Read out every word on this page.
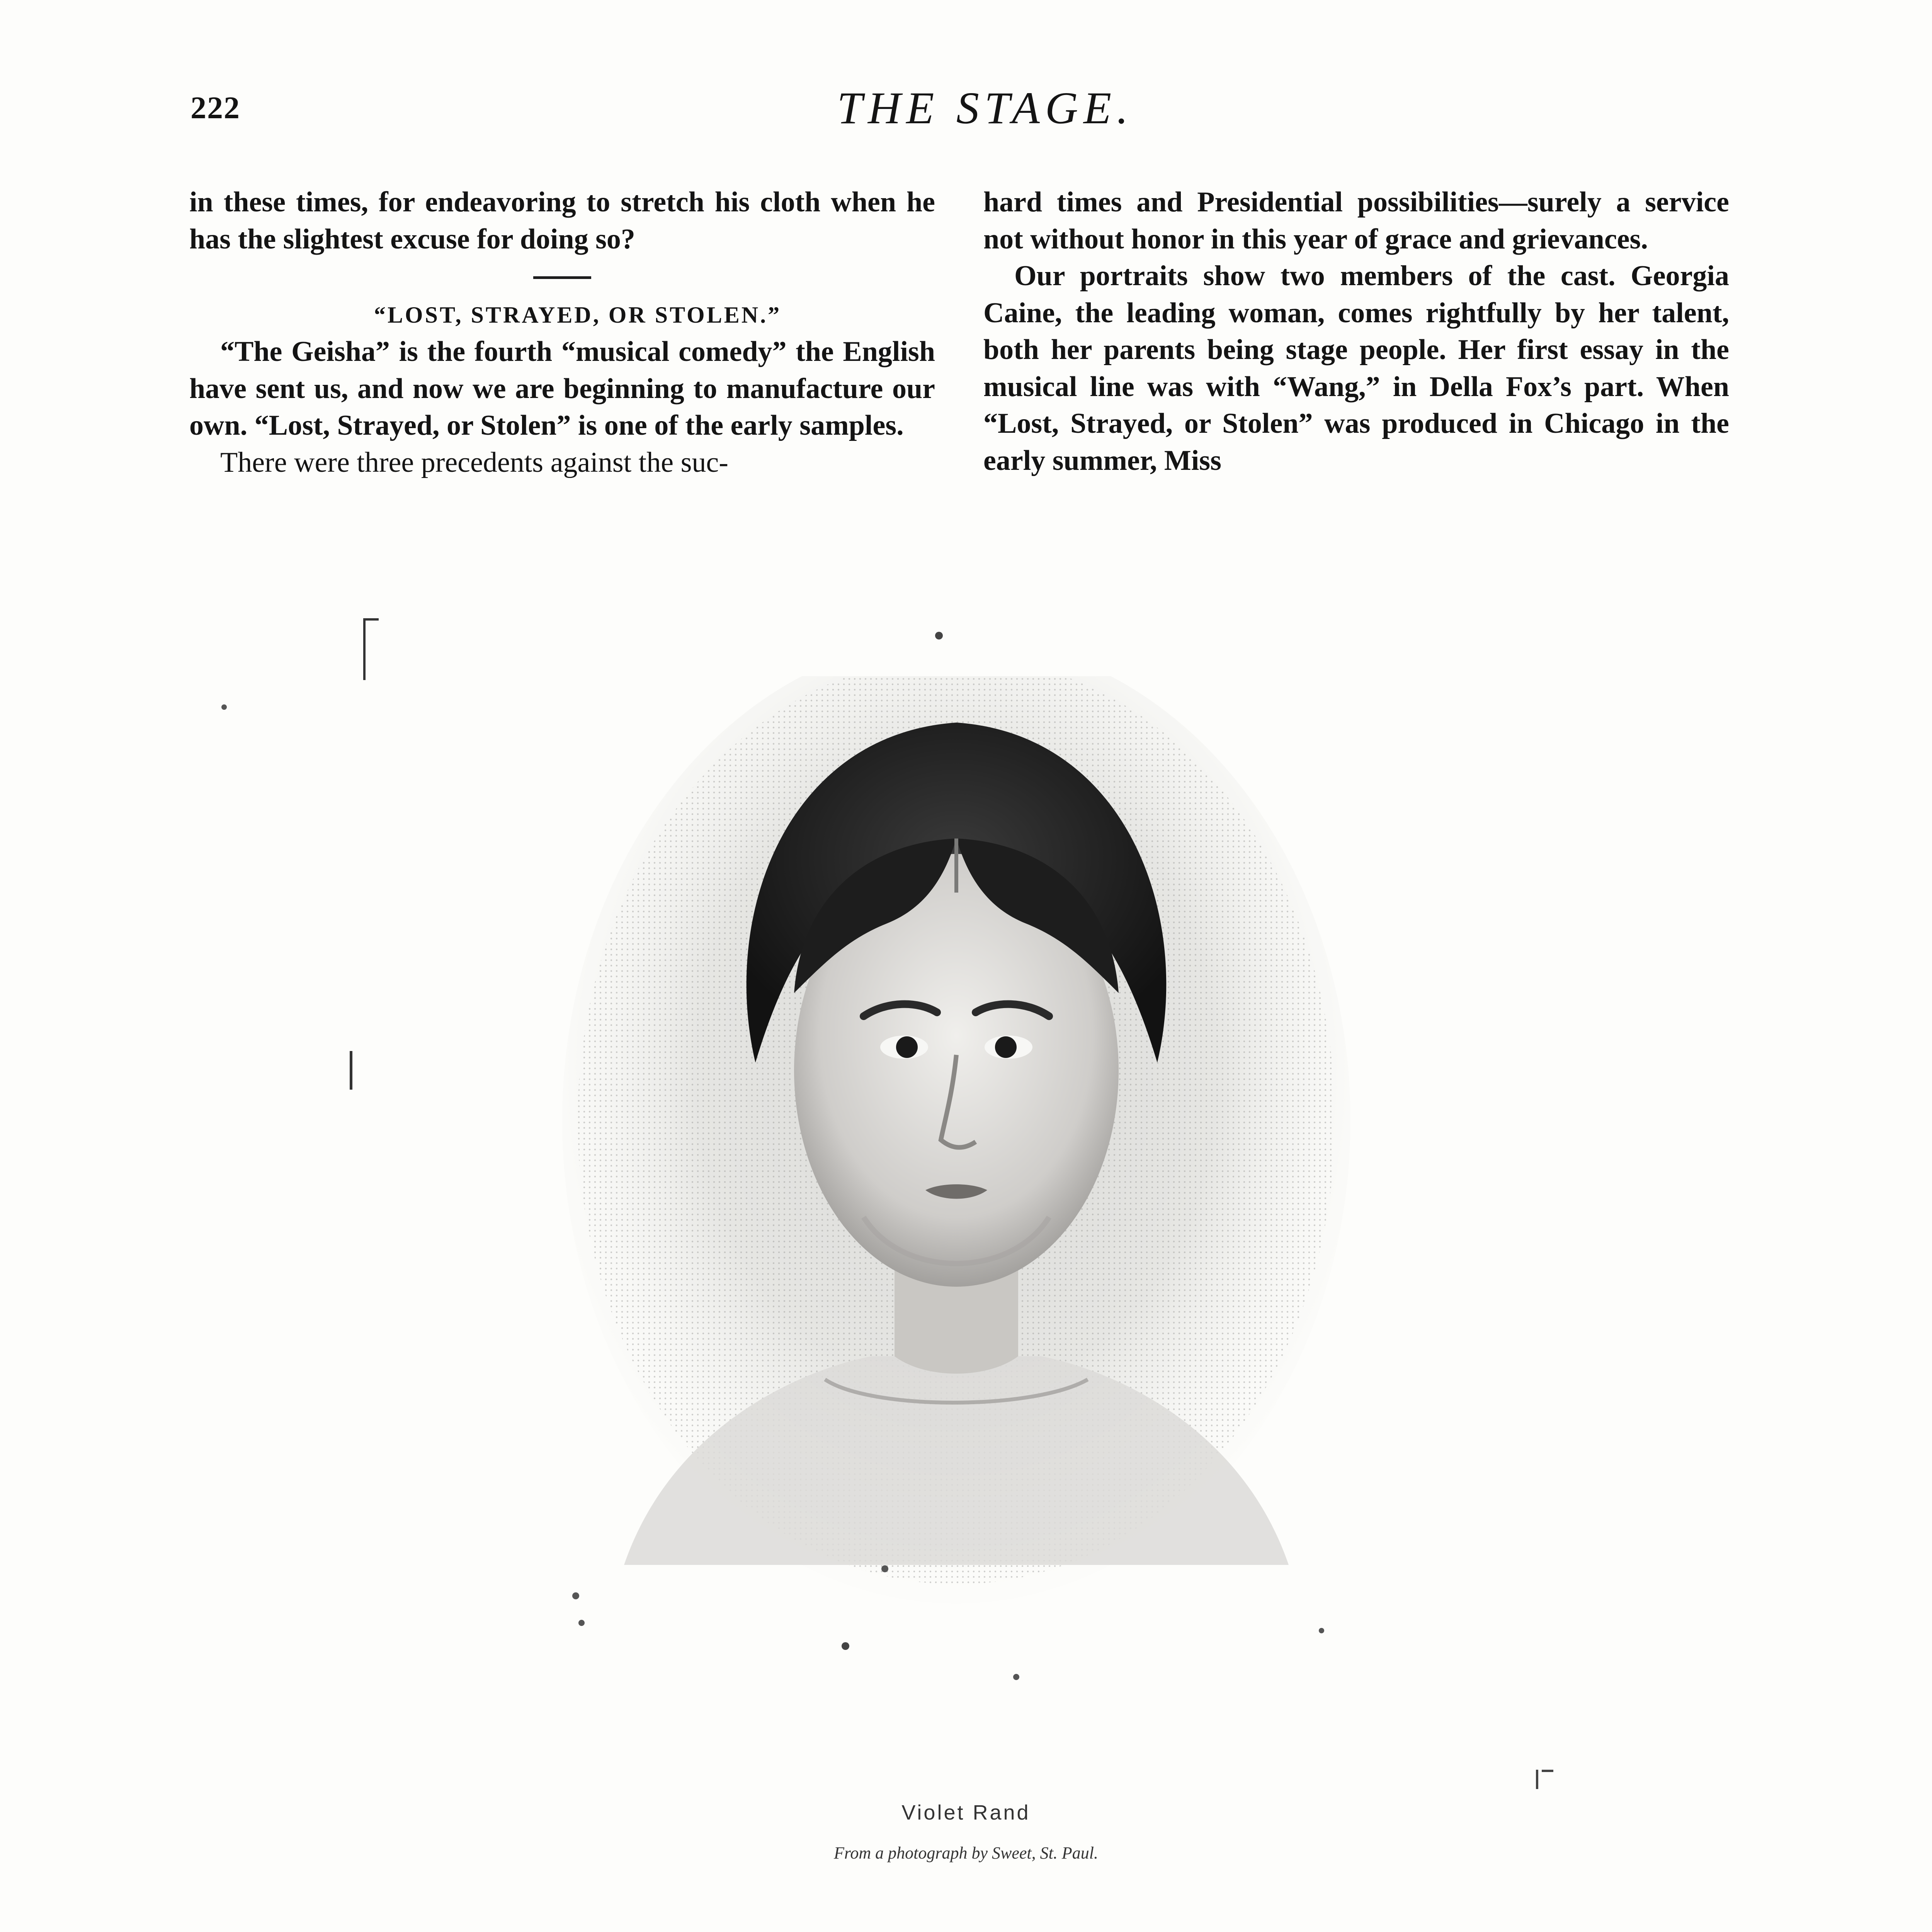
222	THE STAGE.

in these times, for endeavoring to stretch his cloth when he has the slightest excuse for doing so?

“LOST, STRAYED, OR STOLEN.”

“The Geisha” is the fourth “musical comedy” the English have sent us, and now we are beginning to manufacture our own. “Lost, Strayed, or Stolen” is one of the early samples.

There were three precedents against the suc-

hard times and Presidential possibilities—surely a service not without honor in this year of grace and grievances.

Our portraits show two members of the cast. Georgia Caine, the leading woman, comes rightfully by her talent, both her parents being stage people. Her first essay in the musical line was with “Wang,” in Della Fox’s part. When “Lost, Strayed, or Stolen” was produced in Chicago in the early summer, Miss

Violet Rand
From a photograph by Sweet, St. Paul.
